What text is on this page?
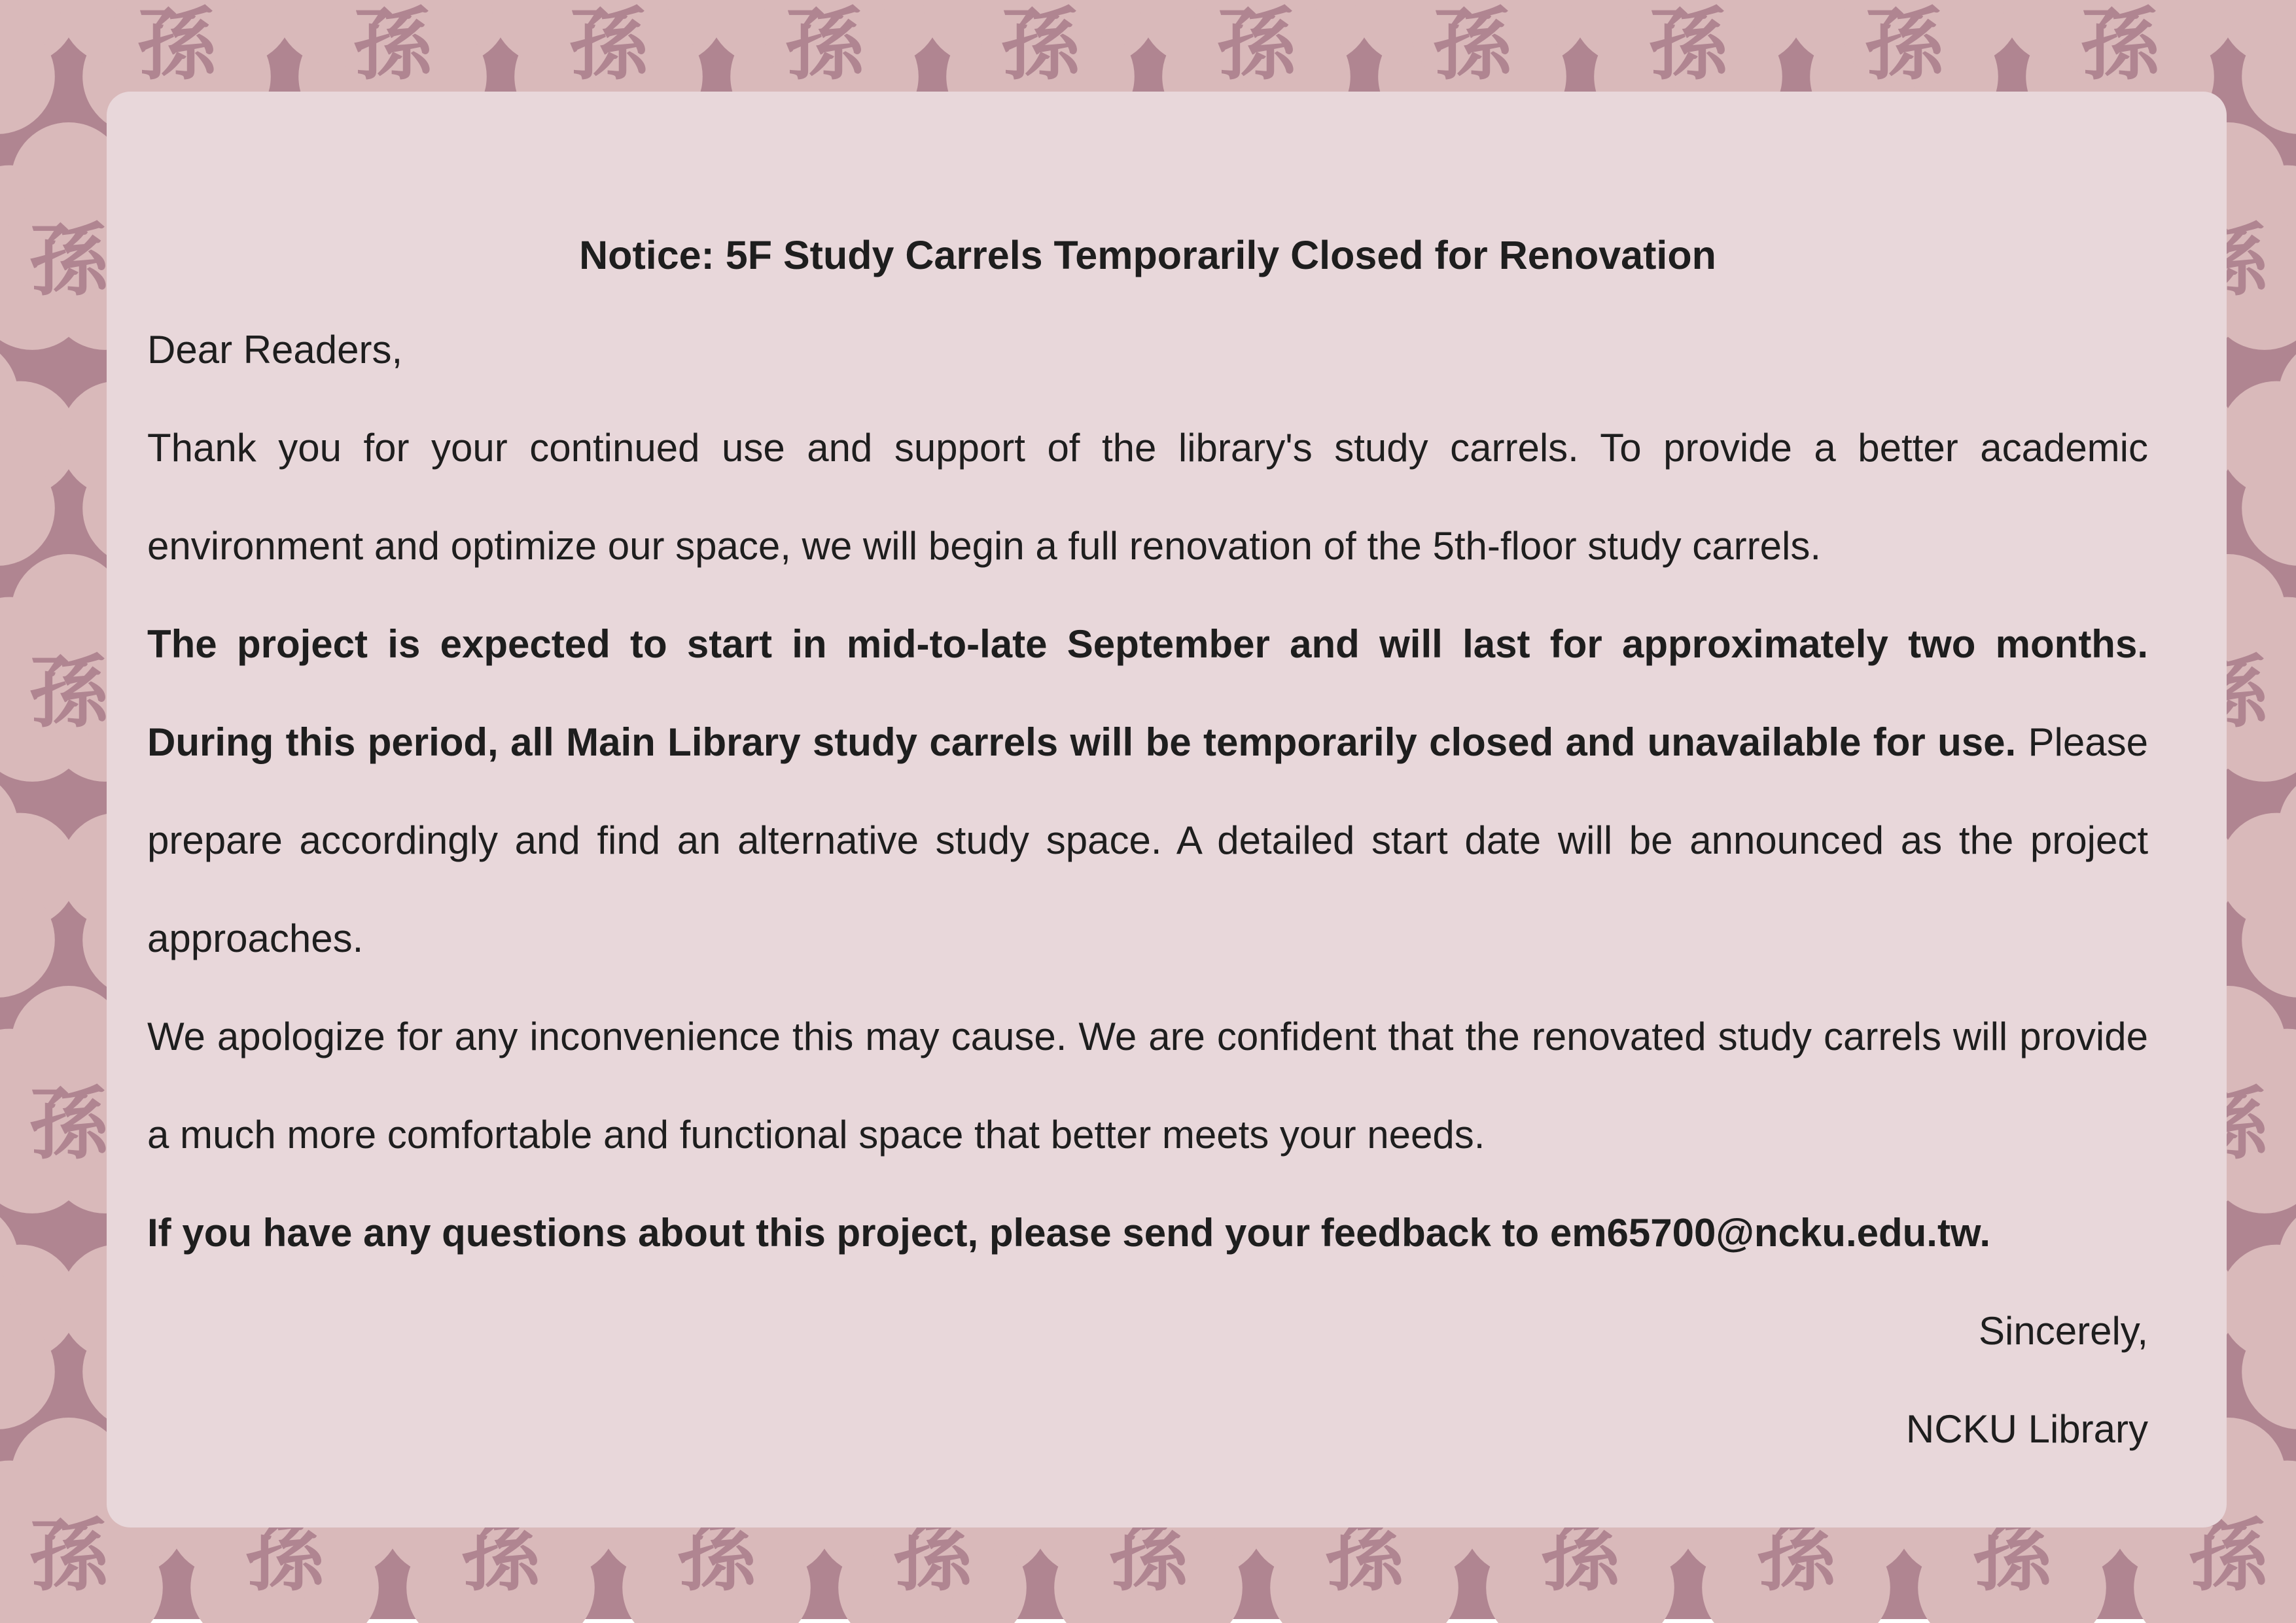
Notice: 5F Study Carrels Temporarily Closed for Renovation

Dear Readers,

Thank you for your continued use and support of the library's study carrels. To provide a better academic environment and optimize our space, we will begin a full renovation of the 5th-floor study carrels.

The project is expected to start in mid-to-late September and will last for approximately two months. During this period, all Main Library study carrels will be temporarily closed and unavailable for use. Please prepare accordingly and find an alternative study space. A detailed start date will be announced as the project approaches.

We apologize for any inconvenience this may cause. We are confident that the renovated study carrels will provide a much more comfortable and functional space that better meets your needs.

If you have any questions about this project, please send your feedback to em65700@ncku.edu.tw.

Sincerely,

NCKU Library
